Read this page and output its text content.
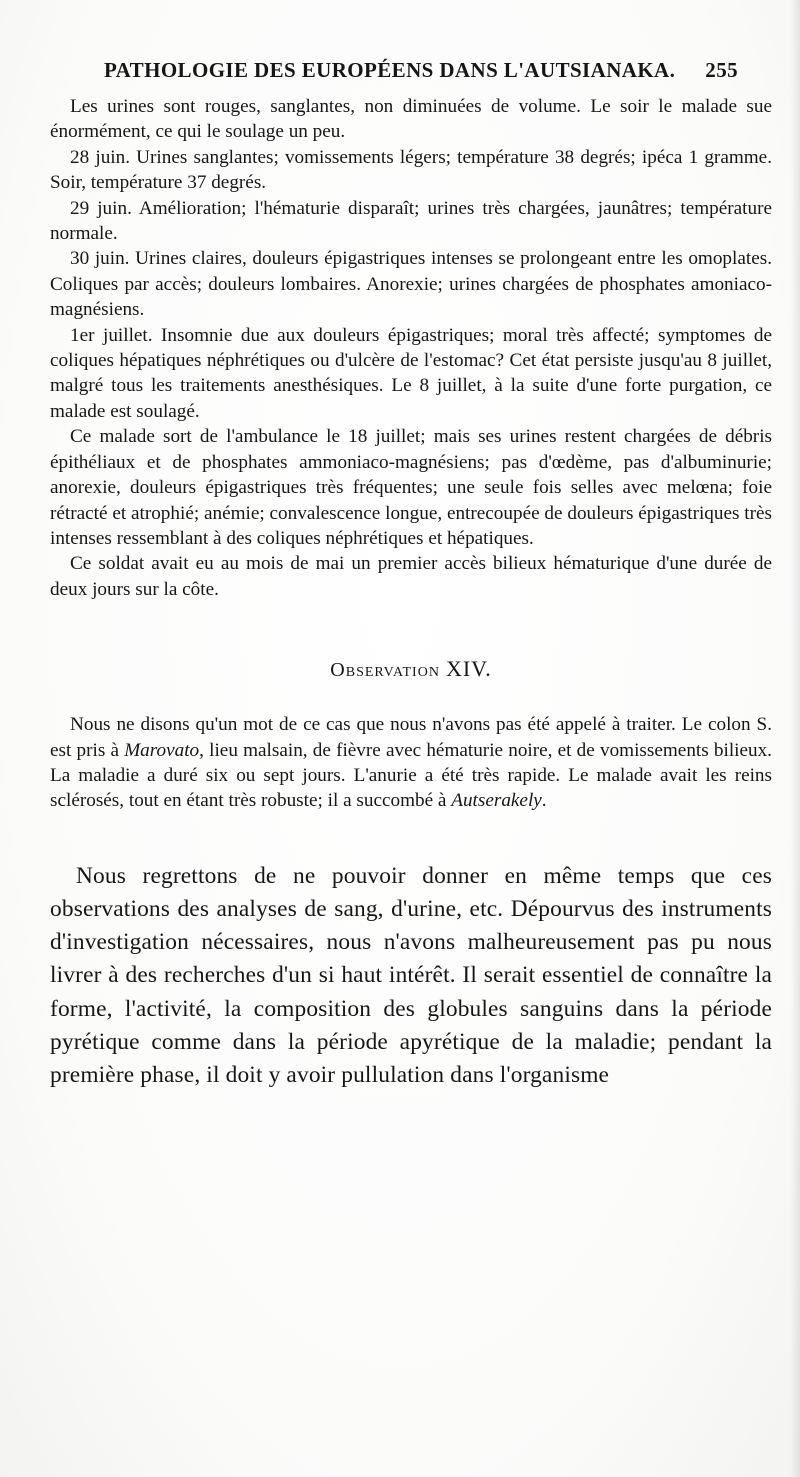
PATHOLOGIE DES EUROPÉENS DANS L'AUTSIANAKA. 255

Les urines sont rouges, sanglantes, non diminuées de volume. Le soir le malade sue énormément, ce qui le soulage un peu.

28 juin. Urines sanglantes; vomissements légers; température 38 degrés; ipéca 1 gramme. Soir, température 37 degrés.

29 juin. Amélioration; l'hématurie disparaît; urines très chargées, jaunâtres; température normale.

30 juin. Urines claires, douleurs épigastriques intenses se prolongeant entre les omoplates. Coliques par accès; douleurs lombaires. Anorexie; urines chargées de phosphates amoniaco-magnésiens.

1er juillet. Insomnie due aux douleurs épigastriques; moral très affecté; symptomes de coliques hépatiques néphrétiques ou d'ulcère de l'estomac? Cet état persiste jusqu'au 8 juillet, malgré tous les traitements anesthésiques. Le 8 juillet, à la suite d'une forte purgation, ce malade est soulagé.

Ce malade sort de l'ambulance le 18 juillet; mais ses urines restent chargées de débris épithéliaux et de phosphates ammoniaco-magnésiens; pas d'œdème, pas d'albuminurie; anorexie, douleurs épigastriques très fréquentes; une seule fois selles avec melœna; foie rétracté et atrophié; anémie; convalescence longue, entrecoupée de douleurs épigastriques très intenses ressemblant à des coliques néphrétiques et hépatiques.

Ce soldat avait eu au mois de mai un premier accès bilieux hématurique d'une durée de deux jours sur la côte.

Observation XIV.

Nous ne disons qu'un mot de ce cas que nous n'avons pas été appelé à traiter. Le colon S. est pris à Marovato, lieu malsain, de fièvre avec hématurie noire, et de vomissements bilieux. La maladie a duré six ou sept jours. L'anurie a été très rapide. Le malade avait les reins sclérosés, tout en étant très robuste; il a succombé à Autserakely.

Nous regrettons de ne pouvoir donner en même temps que ces observations des analyses de sang, d'urine, etc. Dépourvus des instruments d'investigation nécessaires, nous n'avons malheureusement pas pu nous livrer à des recherches d'un si haut intérêt. Il serait essentiel de connaître la forme, l'activité, la composition des globules sanguins dans la période pyrétique comme dans la période apyrétique de la maladie; pendant la première phase, il doit y avoir pullulation dans l'organisme
